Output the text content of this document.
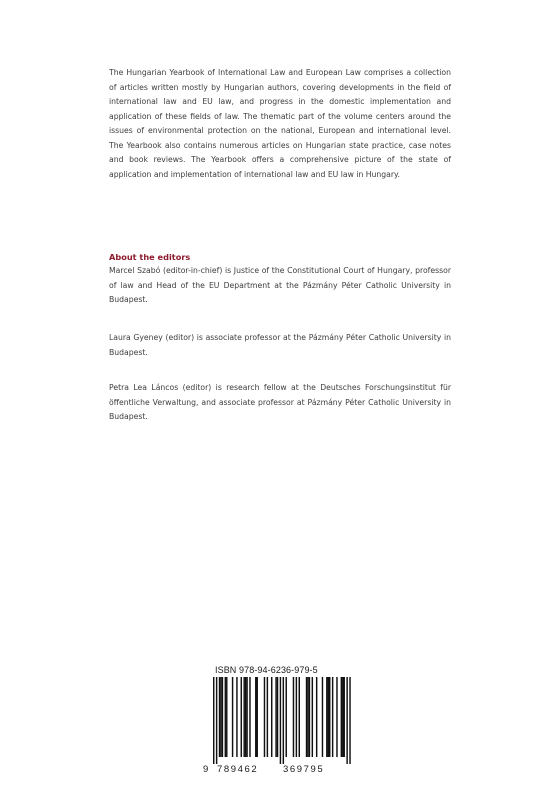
The Hungarian Yearbook of International Law and European Law comprises a collection of articles written mostly by Hungarian authors, covering developments in the field of international law and EU law, and progress in the domestic implementation and application of these fields of law. The thematic part of the volume centers around the issues of environmental protection on the national, European and international level. The Yearbook also contains numerous articles on Hungarian state practice, case notes and book reviews. The Yearbook offers a comprehensive picture of the state of application and implementation of international law and EU law in Hungary.

About the editors

Marcel Szabó (editor-in-chief) is Justice of the Constitutional Court of Hungary, professor of law and Head of the EU Department at the Pázmány Péter Catholic University in Budapest.

Laura Gyeney (editor) is associate professor at the Pázmány Péter Catholic University in Budapest.

Petra Lea Láncos (editor) is research fellow at the Deutsches Forschungsinstitut für öffentliche Verwaltung, and associate professor at Pázmány Péter Catholic University in Budapest.

ISBN 978-94-6236-979-5
9 789462	369795
